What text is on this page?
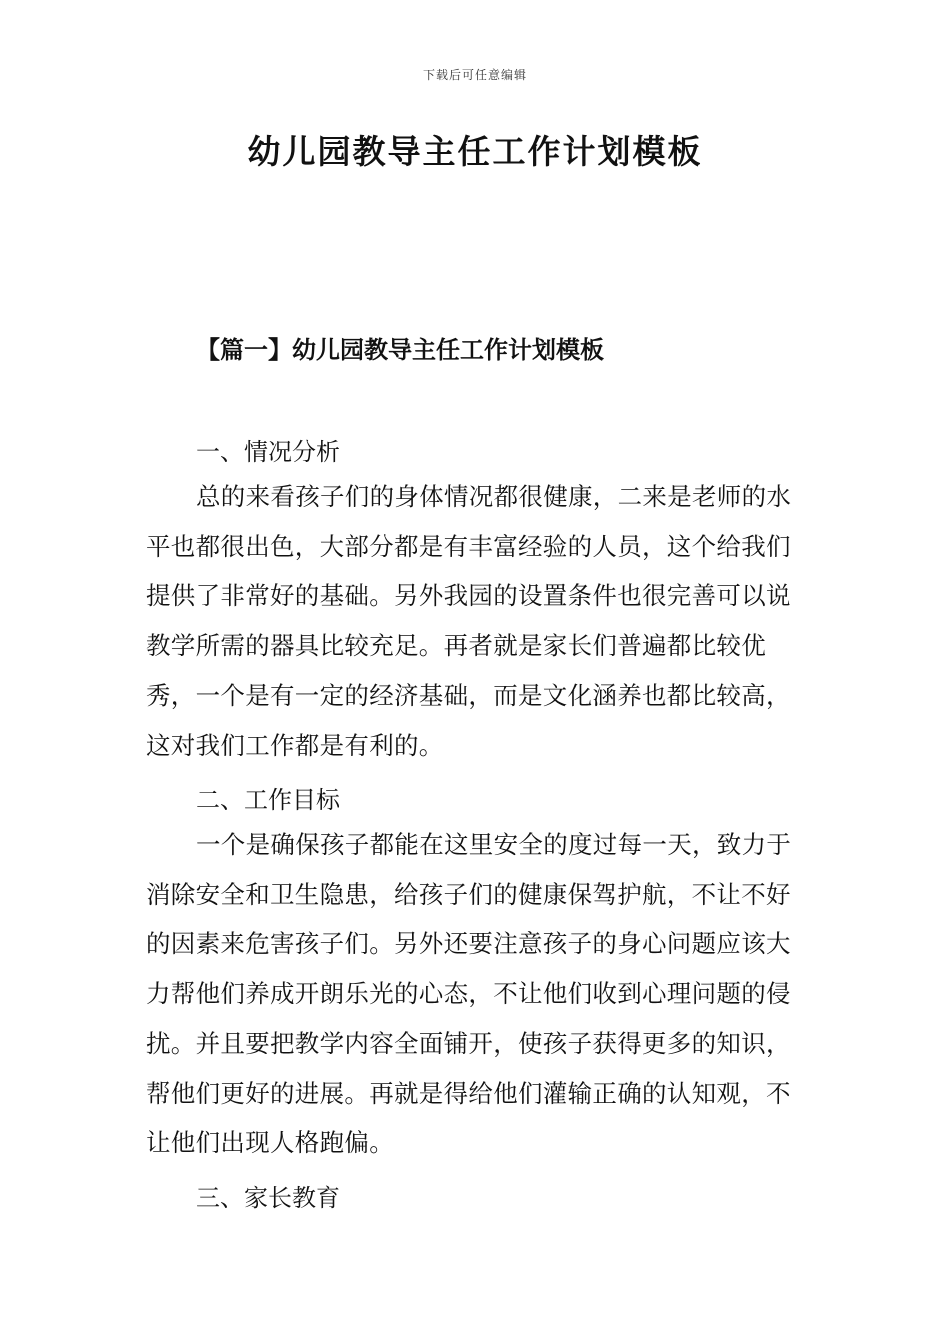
下载后可任意编辑
幼儿园教导主任工作计划模板
【篇一】幼儿园教导主任工作计划模板
一、情况分析

总的来看孩子们的身体情况都很健康，二来是老师的水平也都很出色，大部分都是有丰富经验的人员，这个给我们提供了非常好的基础。另外我园的设置条件也很完善可以说教学所需的器具比较充足。再者就是家长们普遍都比较优秀，一个是有一定的经济基础，而是文化涵养也都比较高，这对我们工作都是有利的。

二、工作目标

一个是确保孩子都能在这里安全的度过每一天，致力于消除安全和卫生隐患，给孩子们的健康保驾护航，不让不好的因素来危害孩子们。另外还要注意孩子的身心问题应该大力帮他们养成开朗乐光的心态，不让他们收到心理问题的侵扰。并且要把教学内容全面铺开，使孩子获得更多的知识，帮他们更好的进展。再就是得给他们灌输正确的认知观，不让他们出现人格跑偏。

三、家长教育
